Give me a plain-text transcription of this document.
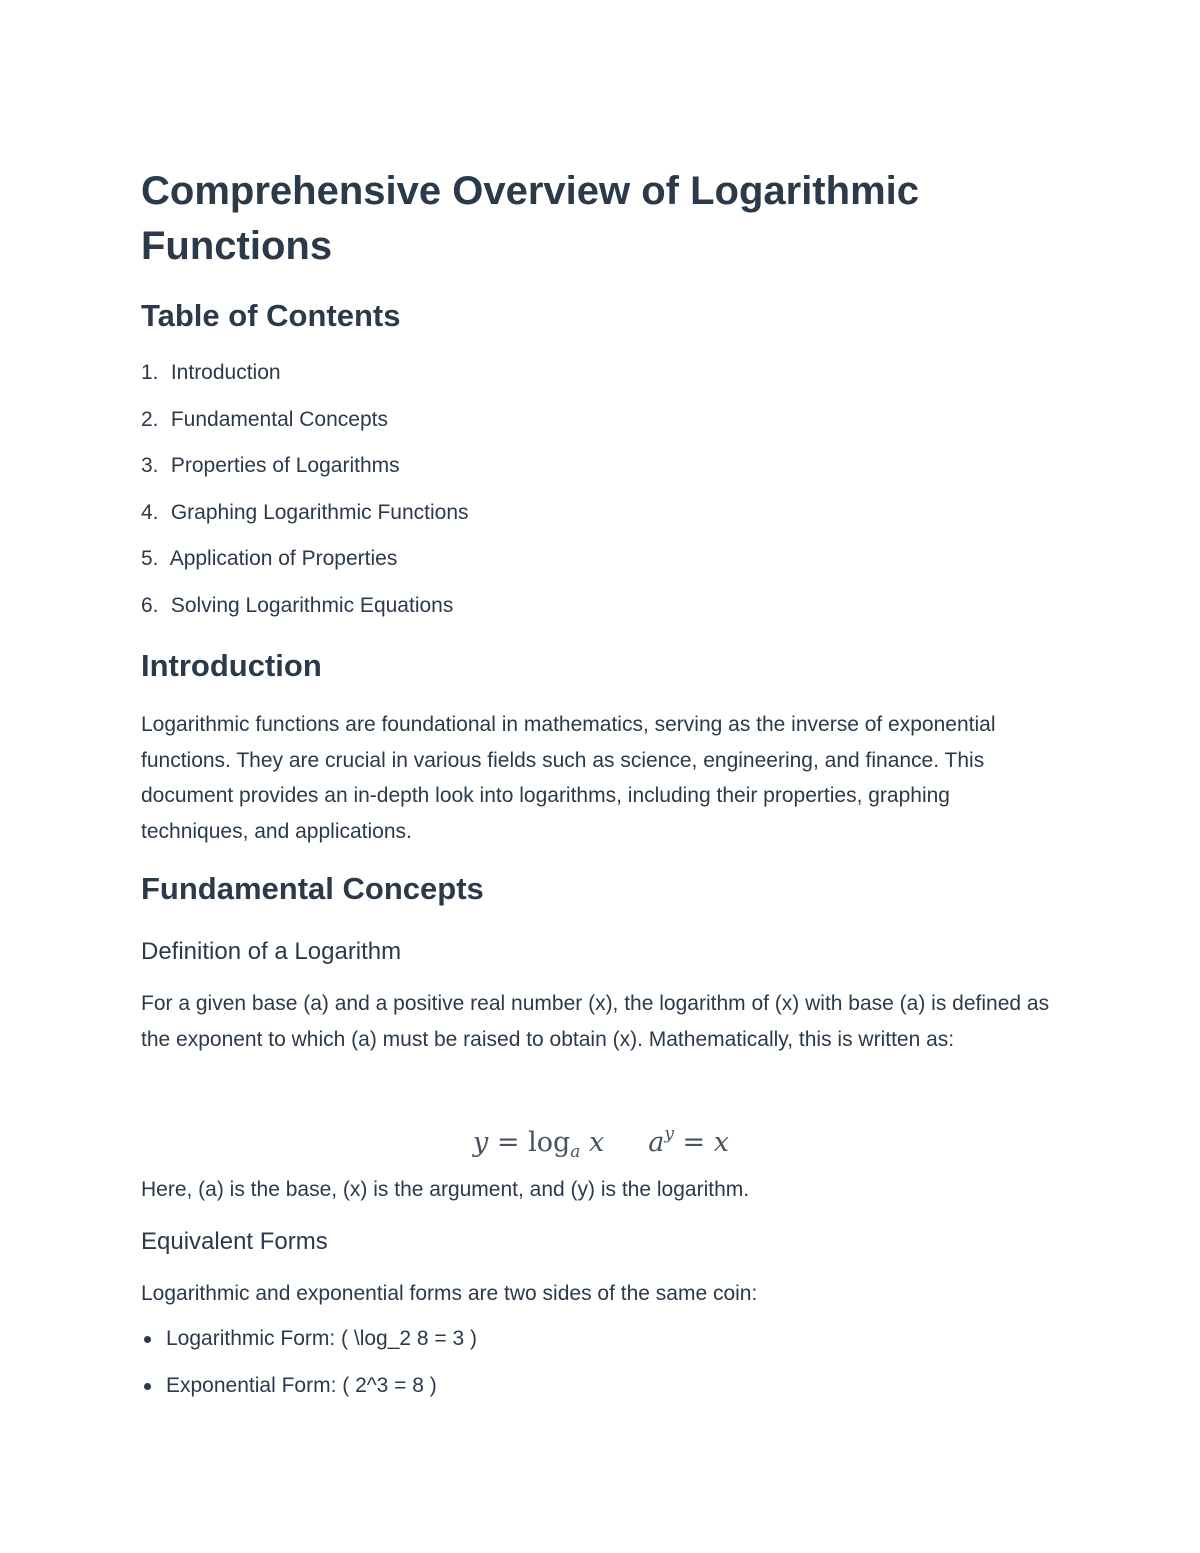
Comprehensive Overview of Logarithmic Functions
Table of Contents
1. Introduction
2. Fundamental Concepts
3. Properties of Logarithms
4. Graphing Logarithmic Functions
5. Application of Properties
6. Solving Logarithmic Equations
Introduction

Logarithmic functions are foundational in mathematics, serving as the inverse of exponential functions. They are crucial in various fields such as science, engineering, and finance. This document provides an in-depth look into logarithms, including their properties, graphing techniques, and applications.

Fundamental Concepts
Definition of a Logarithm

For a given base (a) and a positive real number (x), the logarithm of (x) with base (a) is defined as the exponent to which (a) must be raised to obtain (x). Mathematically, this is written as:

$y = \log_a x$ $a^y = x$

Here, (a) is the base, (x) is the argument, and (y) is the logarithm.

Equivalent Forms

Logarithmic and exponential forms are two sides of the same coin:

Logarithmic Form: ( \log_2 8 = 3 )
Exponential Form: ( 2^3 = 8 )
